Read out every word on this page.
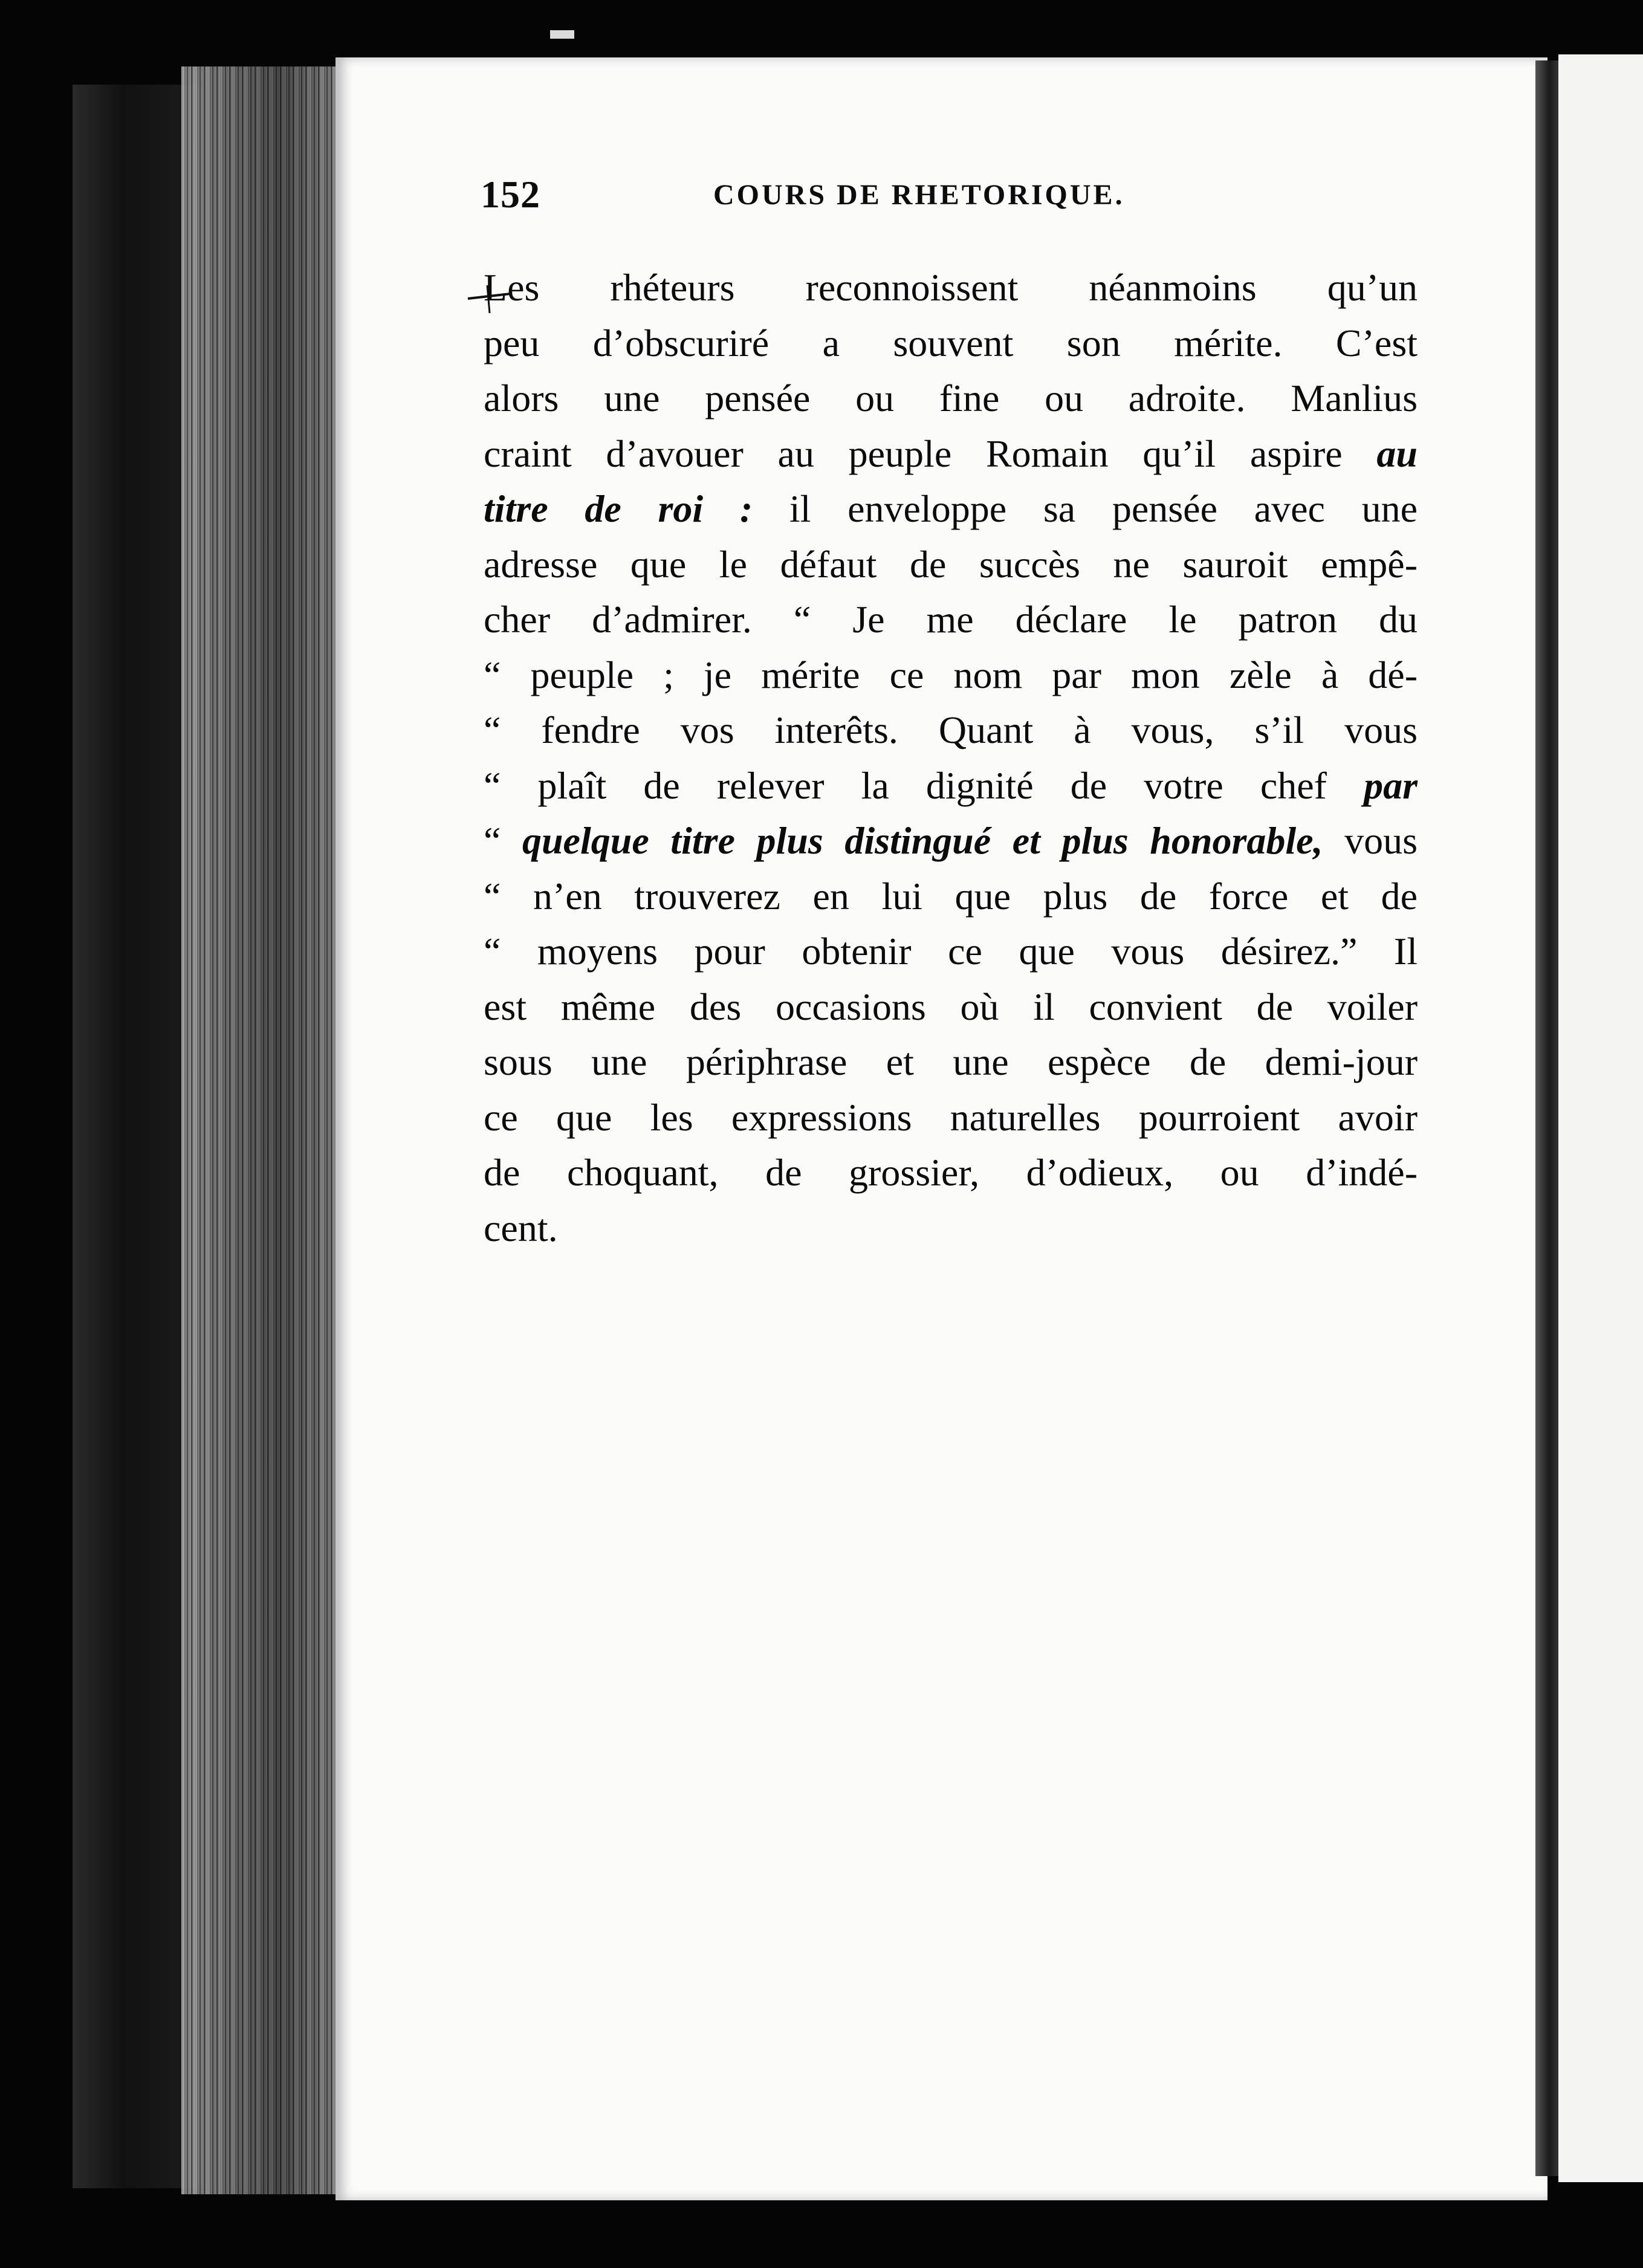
152	COURS DE RHETORIQUE.
Les rhéteurs reconnoissent néanmoins qu’un
peu d’obscuriré a souvent son mérite. C’est
alors une pensée ou fine ou adroite. Manlius
craint d’avouer au peuple Romain qu’il aspire au
titre de roi : il enveloppe sa pensée avec une
adresse que le défaut de succès ne sauroit empê-
cher d’admirer. “ Je me déclare le patron du
“ peuple ; je mérite ce nom par mon zèle à dé-
“ fendre vos interêts. Quant à vous, s’il vous
“ plaît de relever la dignité de votre chef par
“ quelque titre plus distingué et plus honorable, vous
“ n’en trouverez en lui que plus de force et de
“ moyens pour obtenir ce que vous désirez.” Il
est même des occasions où il convient de voiler
sous une périphrase et une espèce de demi-jour
ce que les expressions naturelles pourroient avoir
de choquant, de grossier, d’odieux, ou d’indé-
cent.
